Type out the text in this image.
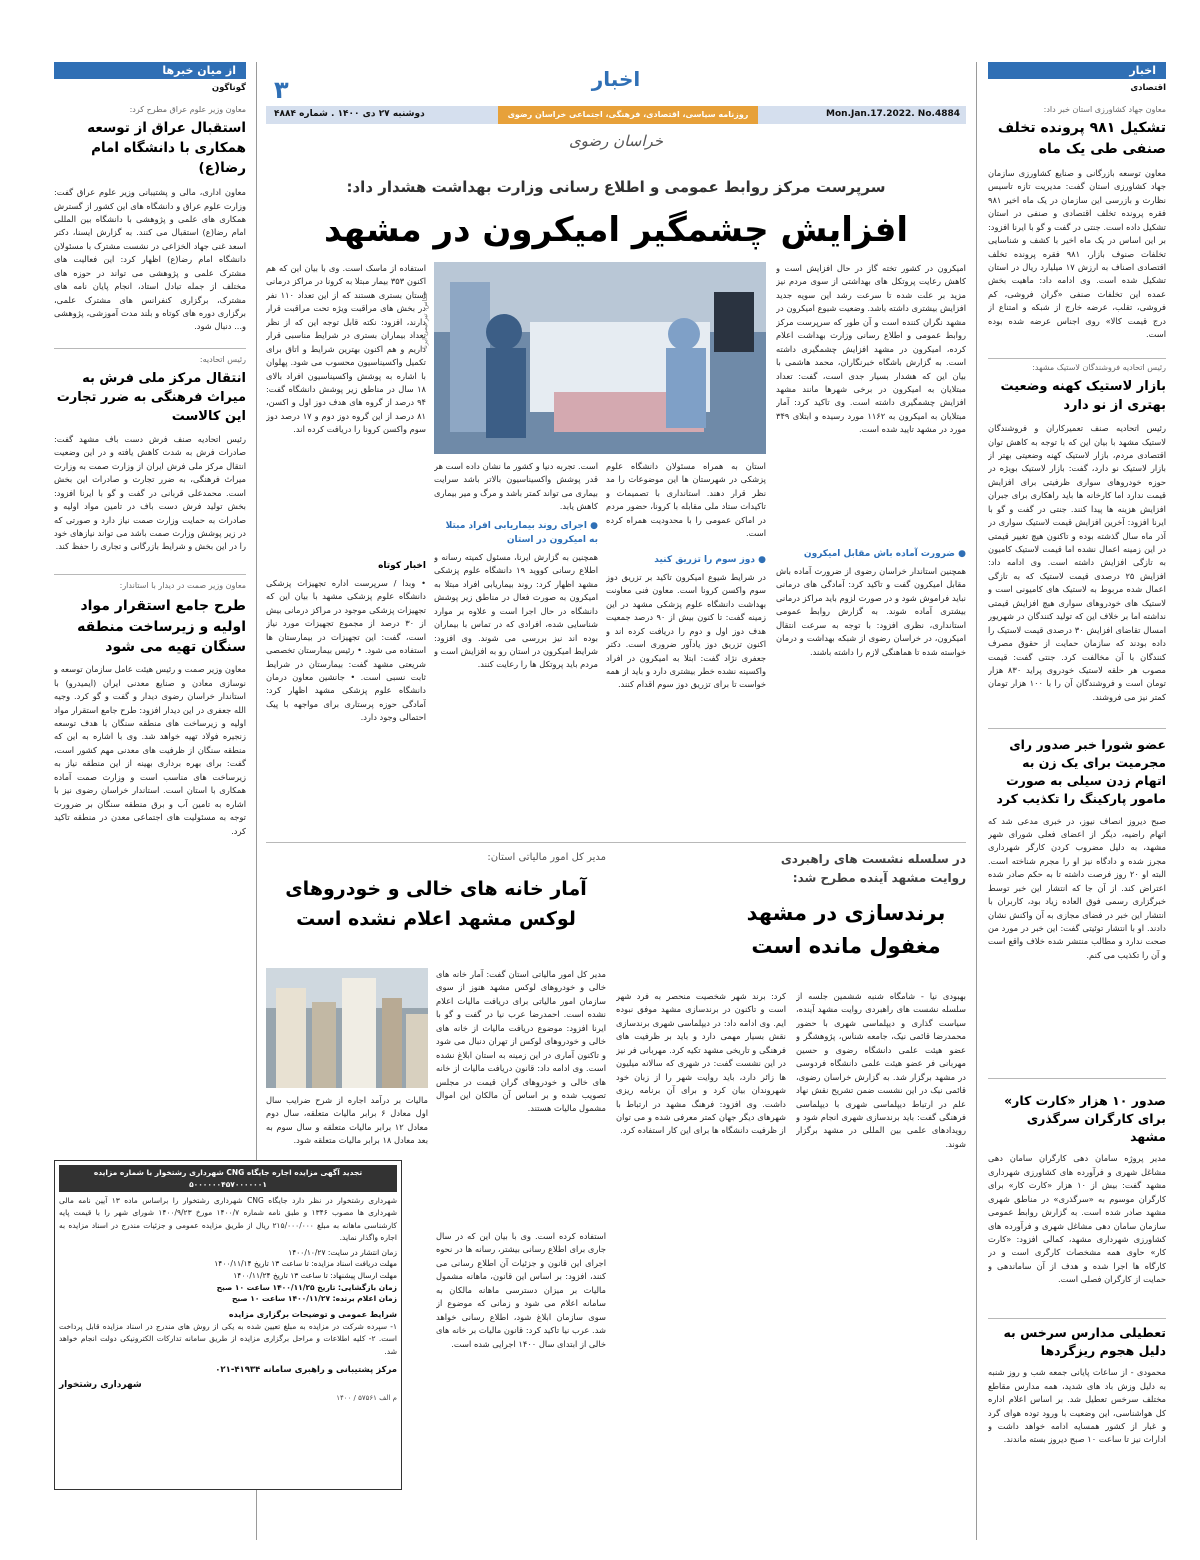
اخبار
اقتصادی
معاون جهاد کشاورزی استان خبر داد:
تشکیل ۹۸۱ پرونده تخلف صنفی طی یک ماه
معاون توسعه بازرگانی و صنایع کشاورزی سازمان جهاد کشاورزی استان گفت: مدیریت تازه تاسیس نظارت و بازرسی این سازمان در یک ماه اخیر ۹۸۱ فقره پرونده تخلف اقتصادی و صنفی در استان تشکیل داده است. جنتی در گفت و گو با ایرنا افزود: بر این اساس در یک ماه اخیر با کشف و شناسایی تخلفات صنوف بازار، ۹۸۱ فقره پرونده تخلف اقتصادی اصناف به ارزش ۱۷ میلیارد ریال در استان تشکیل شده است. وی ادامه داد: ماهیت بخش عمده این تخلفات صنفی «گران فروشی، کم فروشی، تقلب، عرضه خارج از شبکه و امتناع از درج قیمت کالا» روی اجناس عرضه شده بوده است.
رئیس اتحادیه فروشندگان لاستیک مشهد:
بازار لاستیک کهنه وضعیت بهتری از نو دارد
رئیس اتحادیه صنف تعمیرکاران و فروشندگان لاستیک مشهد با بیان این که با توجه به کاهش توان اقتصادی مردم، بازار لاستیک کهنه وضعیتی بهتر از بازار لاستیک نو دارد، گفت: بازار لاستیک بویژه در حوزه خودروهای سواری ظرفیتی برای افزایش قیمت ندارد اما کارخانه ها باید راهکاری برای جبران افزایش هزینه ها پیدا کنند. جنتی در گفت و گو با ایرنا افزود: آخرین افزایش قیمت لاستیک سواری در آذر ماه سال گذشته بوده و تاکنون هیچ تغییر قیمتی در این زمینه اعمال نشده اما قیمت لاستیک کامیون به تازگی افزایش داشته است. وی ادامه داد: افزایش ۲۵ درصدی قیمت لاستیک که به تازگی اعمال شده مربوط به لاستیک های کامیونی است و لاستیک های خودروهای سواری هیچ افزایش قیمتی نداشته اما بر خلاف این که تولید کنندگان در شهریور امسال تقاضای افزایش ۳۰ درصدی قیمت لاستیک را داده بودند که سازمان حمایت از حقوق مصرف کنندگان با آن مخالفت کرد. جنتی گفت: قیمت مصوب هر حلقه لاستیک خودروی پراید ۸۳۰ هزار تومان است و فروشندگان آن را با ۱۰۰ هزار تومان کمتر نیز می فروشند.
عضو شورا خبر صدور رای مجرمیت برای یک زن به اتهام زدن سیلی به صورت مامور پارکینگ را تکذیب کرد
صبح دیروز انصاف نیوز، در خبری مدعی شد که اتهام راضیه، دیگر از اعضای فعلی شورای شهر مشهد، به دلیل مضروب کردن کارگر شهرداری مجرز شده و دادگاه نیز او را مجرم شناخته است. البته او ۲۰ روز فرصت داشته تا به حکم صادر شده اعتراض کند. از آن جا که انتشار این خبر توسط خبرگزاری رسمی فوق العاده زیاد بود، کاربران با انتشار این خبر در فضای مجازی به آن واکنش نشان دادند. او با انتشار توئیتی گفت: این خبر در مورد من صحت ندارد و مطالب منتشر شده خلاف واقع است و آن را تکذیب می کنم.
صدور ۱۰ هزار «کارت کار» برای کارگران سرگذری مشهد
مدیر پروژه سامان دهی کارگران سامان دهی مشاغل شهری و فرآورده های کشاورزی شهرداری مشهد گفت: بیش از ۱۰ هزار «کارت کار» برای کارگران موسوم به «سرگذری» در مناطق شهری مشهد صادر شده است. به گزارش روابط عمومی سازمان سامان دهی مشاغل شهری و فرآورده های کشاورزی شهرداری مشهد، کمالی افزود: «کارت کار» حاوی همه مشخصات کارگری است و در کارگاه ها اجرا شده و هدف از آن ساماندهی و حمایت از کارگران فصلی است.
تعطیلی مدارس سرخس به دلیل هجوم ریزگردها
محمودی - از ساعات پایانی جمعه شب و روز شنبه به دلیل وزش باد های شدید، همه مدارس مقاطع مختلف سرخس تعطیل شد. بر اساس اعلام اداره کل هواشناسی، این وضعیت با ورود توده هوای گرد و غبار از کشور همسایه ادامه خواهد داشت و ادارات نیز تا ساعت ۱۰ صبح دیروز بسته ماندند.
اخبار
۳
Mon.Jan.17.2022. No.4884
روزنامه سیاسی، اقتصادی، فرهنگی، اجتماعی خراسان رضوی
دوشنبه ۲۷ دی ۱۴۰۰ . شماره ۴۸۸۴
خراسان رضوی
سرپرست مرکز روابط عمومی و اطلاع رسانی وزارت بهداشت هشدار داد:
افزایش چشمگیر امیکرون در مشهد
امیکرون در کشور تخته گاز در حال افزایش است و کاهش رعایت پروتکل های بهداشتی از سوی مردم نیز مزید بر علت شده تا سرعت رشد این سویه جدید افزایش بیشتری داشته باشد. وضعیت شیوع امیکرون در مشهد نگران کننده است و آن طور که سرپرست مرکز روابط عمومی و اطلاع رسانی وزارت بهداشت اعلام کرده، امیکرون در مشهد افزایش چشمگیری داشته است. به گزارش باشگاه خبرنگاران، محمد هاشمی با بیان این که هشدار بسیار جدی است، گفت: تعداد مبتلایان به امیکرون در برخی شهرها مانند مشهد افزایش چشمگیری داشته است. وی تاکید کرد: آمار مبتلایان به امیکرون به ۱۱۶۲ مورد رسیده و ابتلای ۳۴۹ مورد در مشهد تایید شده است.
● ضرورت آماده باش مقابل امیکرون
همچنین استاندار خراسان رضوی از ضرورت آماده باش مقابل امیکرون گفت و تاکید کرد: آمادگی های درمانی نباید فراموش شود و در صورت لزوم باید مراکز درمانی بیشتری آماده شوند. به گزارش روابط عمومی استانداری، نظری افزود: با توجه به سرعت انتقال امیکرون، در خراسان رضوی از شبکه بهداشت و درمان خواسته شده تا هماهنگی لازم را داشته باشند.
عکاس: تیر تیمی ایرنا
استان به همراه مسئولان دانشگاه علوم پزشکی در شهرستان ها این موضوعات را مد نظر قرار دهند. استانداری با تصمیمات و تاکیدات ستاد ملی مقابله با کرونا، حضور مردم در اماکن عمومی را با محدودیت همراه کرده است.
● دوز سوم را تزریق کنید
در شرایط شیوع امیکرون تاکید بر تزریق دوز سوم واکسن کرونا است. معاون فنی معاونت بهداشت دانشگاه علوم پزشکی مشهد در این زمینه گفت: تا کنون بیش از ۹۰ درصد جمعیت هدف دوز اول و دوم را دریافت کرده اند و اکنون تزریق دوز یادآور ضروری است. دکتر جعفری نژاد گفت: ابتلا به امیکرون در افراد واکسینه نشده خطر بیشتری دارد و باید از همه خواست تا برای تزریق دوز سوم اقدام کنند.
است. تجربه دنیا و کشور ما نشان داده است هر قدر پوشش واکسیناسیون بالاتر باشد سرایت بیماری می تواند کمتر باشد و مرگ و میر بیماری کاهش یابد.
● اجرای روند بیماریابی افراد مبتلا به امیکرون در استان
همچنین به گزارش ایرنا، مسئول کمیته رسانه و اطلاع رسانی کووید ۱۹ دانشگاه علوم پزشکی مشهد اظهار کرد: روند بیماریابی افراد مبتلا به امیکرون به صورت فعال در مناطق زیر پوشش دانشگاه در حال اجرا است و علاوه بر موارد شناسایی شده، افرادی که در تماس با بیماران بوده اند نیز بررسی می شوند. وی افزود: شرایط امیکرون در استان رو به افزایش است و مردم باید پروتکل ها را رعایت کنند.
استفاده از ماسک است. وی با بیان این که هم اکنون ۳۵۳ بیمار مبتلا به کرونا در مراکز درمانی استان بستری هستند که از این تعداد ۱۱۰ نفر در بخش های مراقبت ویژه تحت مراقبت قرار دارند، افزود: نکته قابل توجه این که از نظر تعداد بیماران بستری در شرایط مناسبی قرار داریم و هم اکنون بهترین شرایط و اتاق برای تکمیل واکسیناسیون محسوب می شود. پهلوان با اشاره به پوشش واکسیناسیون افراد بالای ۱۸ سال در مناطق زیر پوشش دانشگاه گفت: ۹۴ درصد از گروه های هدف دوز اول و اکسن، ۸۱ درصد از این گروه دوز دوم و ۱۷ درصد دوز سوم واکسن کرونا را دریافت کرده اند.
اخبار کوتاه
• وبدا / سرپرست اداره تجهیزات پزشکی دانشگاه علوم پزشکی مشهد با بیان این که تجهیزات پزشکی موجود در مراکز درمانی بیش از ۳۰ درصد از مجموع تجهیزات مورد نیاز است، گفت: این تجهیزات در بیمارستان ها استفاده می شود. • رئیس بیمارستان تخصصی شریعتی مشهد گفت: بیمارستان در شرایط ثابت نسبی است. • جانشین معاون درمان دانشگاه علوم پزشکی مشهد اظهار کرد: آمادگی حوزه پرستاری برای مواجهه با پیک احتمالی وجود دارد.
مدیر کل امور مالیاتی استان:
آمار خانه های خالی و خودروهای لوکس مشهد اعلام نشده است
مالیات بر درآمد اجاره از شرح ضرایب سال اول معادل ۶ برابر مالیات متعلقه، سال دوم معادل ۱۲ برابر مالیات متعلقه و سال سوم به بعد معادل ۱۸ برابر مالیات متعلقه شود.
مدیر کل امور مالیاتی استان گفت: آمار خانه های خالی و خودروهای لوکس مشهد هنوز از سوی سازمان امور مالیاتی برای دریافت مالیات اعلام نشده است. احمدرضا عرب نیا در گفت و گو با ایرنا افزود: موضوع دریافت مالیات از خانه های خالی و خودروهای لوکس از تهران دنبال می شود و تاکنون آماری در این زمینه به استان ابلاغ نشده است. وی ادامه داد: قانون دریافت مالیات از خانه های خالی و خودروهای گران قیمت در مجلس تصویب شده و بر اساس آن مالکان این اموال مشمول مالیات هستند.
استفاده کرده است. وی با بیان این که در سال جاری برای اطلاع رسانی بیشتر، رسانه ها در نحوه اجرای این قانون و جزئیات آن اطلاع رسانی می کنند، افزود: بر اساس این قانون، ماهانه مشمول مالیات بر میزان دسترسی ماهانه مالکان به سامانه اعلام می شود و زمانی که موضوع از سوی سازمان ابلاغ شود، اطلاع رسانی خواهد شد. عرب نیا تاکید کرد: قانون مالیات بر خانه های خالی از ابتدای سال ۱۴۰۰ اجرایی شده است.
در سلسله نشست های راهبردی روایت مشهد آینده مطرح شد:
برندسازی در مشهد مغفول مانده است
بهبودی نیا - شامگاه شنبه ششمین جلسه از سلسله نشست های راهبردی روایت مشهد آینده، سیاست گذاری و دیپلماسی شهری با حضور محمدرضا قائمی نیک، جامعه شناس، پژوهشگر و عضو هیئت علمی دانشگاه رضوی و حسین مهربانی فر عضو هیئت علمی دانشگاه فردوسی در مشهد برگزار شد. به گزارش خراسان رضوی، قائمی نیک در این نشست ضمن تشریح نقش نهاد علم در ارتباط دیپلماسی شهری با دیپلماسی فرهنگی گفت: باید برندسازی شهری انجام شود و رویدادهای علمی بین المللی در مشهد برگزار شوند.
کرد: برند شهر شخصیت منحصر به فرد شهر است و تاکنون در برندسازی مشهد موفق نبوده ایم. وی ادامه داد: در دیپلماسی شهری برندسازی نقش بسیار مهمی دارد و باید بر ظرفیت های فرهنگی و تاریخی مشهد تکیه کرد. مهربانی فر نیز در این نشست گفت: در شهری که سالانه میلیون ها زائر دارد، باید روایت شهر را از زبان خود شهروندان بیان کرد و برای آن برنامه ریزی داشت. وی افزود: فرهنگ مشهد در ارتباط با شهرهای دیگر جهان کمتر معرفی شده و می توان از ظرفیت دانشگاه ها برای این کار استفاده کرد.
از میان خبرها
گوناگون
معاون وزیر علوم عراق مطرح کرد:
استقبال عراق از توسعه همکاری با دانشگاه امام رضا(ع)
معاون اداری، مالی و پشتیبانی وزیر علوم عراق گفت: وزارت علوم عراق و دانشگاه های این کشور از گسترش همکاری های علمی و پژوهشی با دانشگاه بین المللی امام رضا(ع) استقبال می کنند. به گزارش ایسنا، دکتر اسعد غنی جهاد الخزاعی در نشست مشترک با مسئولان دانشگاه امام رضا(ع) اظهار کرد: این فعالیت های مشترک علمی و پژوهشی می تواند در حوزه های مختلف از جمله تبادل استاد، انجام پایان نامه های مشترک، برگزاری کنفرانس های مشترک علمی، برگزاری دوره های کوتاه و بلند مدت آموزشی، پژوهشی و... دنبال شود.
رئیس اتحادیه:
انتقال مرکز ملی فرش به میراث فرهنگی به ضرر تجارت این کالاست
رئیس اتحادیه صنف فرش دست باف مشهد گفت: صادرات فرش به شدت کاهش یافته و در این وضعیت انتقال مرکز ملی فرش ایران از وزارت صمت به وزارت میراث فرهنگی، به ضرر تجارت و صادرات این بخش است. محمدعلی قربانی در گفت و گو با ایرنا افزود: بخش تولید فرش دست باف در تامین مواد اولیه و صادرات به حمایت وزارت صمت نیاز دارد و صورتی که در زیر پوشش وزارت صمت باشد می تواند نیازهای خود را در این بخش و شرایط بازرگانی و تجاری را حفظ کند.
معاون وزیر صمت در دیدار با استاندار:
طرح جامع استقرار مواد اولیه و زیرساخت منطقه سنگان تهیه می شود
معاون وزیر صمت و رئیس هیئت عامل سازمان توسعه و نوسازی معادن و صنایع معدنی ایران (ایمیدرو) با استاندار خراسان رضوی دیدار و گفت و گو کرد. وجیه الله جعفری در این دیدار افزود: طرح جامع استقرار مواد اولیه و زیرساخت های منطقه سنگان با هدف توسعه زنجیره فولاد تهیه خواهد شد. وی با اشاره به این که منطقه سنگان از ظرفیت های معدنی مهم کشور است، گفت: برای بهره برداری بهینه از این منطقه نیاز به زیرساخت های مناسب است و وزارت صمت آماده همکاری با استان است. استاندار خراسان رضوی نیز با اشاره به تامین آب و برق منطقه سنگان بر ضرورت توجه به مسئولیت های اجتماعی معدن در منطقه تاکید کرد.
تجدید آگهی مزایده اجاره جایگاه CNG شهرداری رشتخوار با شماره مزایده ۵۰۰۰۰۰۰۴۵۷۰۰۰۰۰۰۱
شهرداری رشتخوار در نظر دارد جایگاه CNG شهرداری رشتخوار را براساس ماده ۱۳ آیین نامه مالی شهرداری ها مصوب ۱۳۴۶ و طبق نامه شماره ۱۴۰۰/۷ مورخ ۱۴۰۰/۹/۲۳ شورای شهر را با قیمت پایه کارشناسی ماهانه به مبلغ ۲۱۵/۰۰۰/۰۰۰ ریال از طریق مزایده عمومی و جزئیات مندرج در اسناد مزایده به اجاره واگذار نماید.
زمان انتشار در سایت: ۱۴۰۰/۱۰/۲۷
مهلت دریافت اسناد مزایده: تا ساعت ۱۳ تاریخ ۱۴۰۰/۱۱/۱۴
مهلت ارسال پیشنهاد: تا ساعت ۱۳ تاریخ ۱۴۰۰/۱۱/۲۴
زمان بازگشایی: تاریخ ۱۴۰۰/۱۱/۲۵ ساعت ۱۰ صبح
زمان اعلام برنده: ۱۴۰۰/۱۱/۲۷ ساعت ۱۰ صبح
شرایط عمومی و توضیحات برگزاری مزایده
۱- سپرده شرکت در مزایده به مبلغ تعیین شده به یکی از روش های مندرج در اسناد مزایده قابل پرداخت است. ۲- کلیه اطلاعات و مراحل برگزاری مزایده از طریق سامانه تدارکات الکترونیکی دولت انجام خواهد شد.
مرکز پشتیبانی و راهبری سامانه ۴۱۹۳۴-۰۲۱
شهرداری رشتخوار
م الف ۵۷۵۶۱ / ۱۴۰۰
